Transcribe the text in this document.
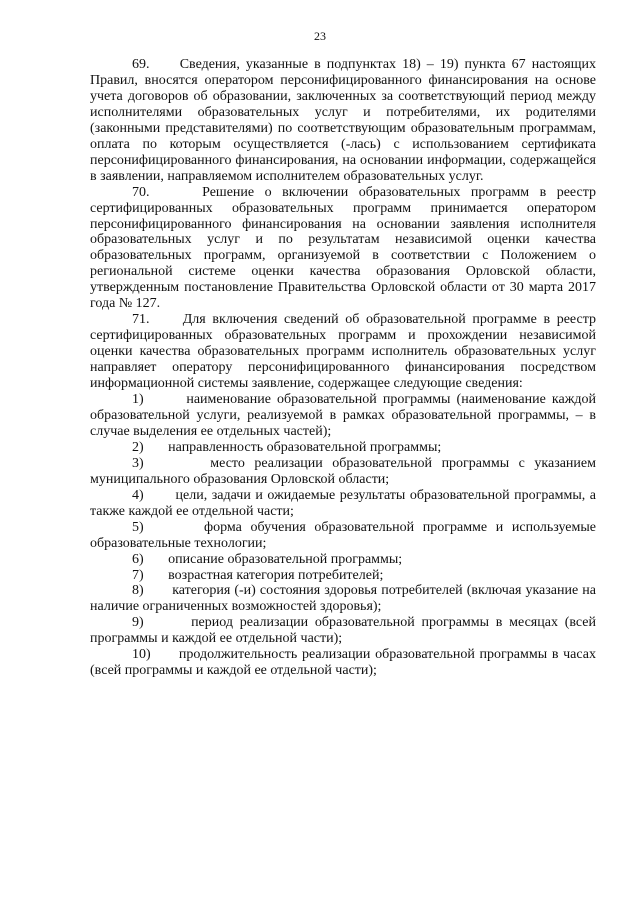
23

69. Сведения, указанные в подпунктах 18) – 19) пункта 67 настоящих Правил, вносятся оператором персонифицированного финансирования на основе учета договоров об образовании, заключенных за соответствующий период между исполнителями образовательных услуг и потребителями, их родителями (законными представителями) по соответствующим образовательным программам, оплата по которым осуществляется (-лась) с использованием сертификата персонифицированного финансирования, на основании информации, содержащейся в заявлении, направляемом исполнителем образовательных услуг.

70.	Решение о включении образовательных программ в реестр сертифицированных образовательных программ принимается оператором персонифицированного финансирования на основании заявления исполнителя образовательных услуг и по результатам независимой оценки качества образовательных программ, организуемой в соответствии с Положением о региональной системе оценки качества образования Орловской области, утвержденным постановление Правительства Орловской области от 30 марта 2017 года № 127.

71. Для включения сведений об образовательной программе в реестр сертифицированных образовательных программ и прохождении независимой оценки качества образовательных программ исполнитель образовательных услуг направляет оператору персонифицированного финансирования посредством информационной системы заявление, содержащее следующие сведения:

1)	наименование образовательной программы (наименование каждой образовательной услуги, реализуемой в рамках образовательной программы, – в случае выделения ее отдельных частей);

2) направленность образовательной программы;

3)	место реализации образовательной программы с указанием муниципального образования Орловской области;

4) цели, задачи и ожидаемые результаты образовательной программы, а также каждой ее отдельной части;

5)	форма обучения образовательной программе и используемые образовательные технологии;

6) описание образовательной программы;

7) возрастная категория потребителей;

8) категория (-и) состояния здоровья потребителей (включая указание на наличие ограниченных возможностей здоровья);

9)	период реализации образовательной программы в месяцах (всей программы и каждой ее отдельной части);

10) продолжительность реализации образовательной программы в часах (всей программы и каждой ее отдельной части);
